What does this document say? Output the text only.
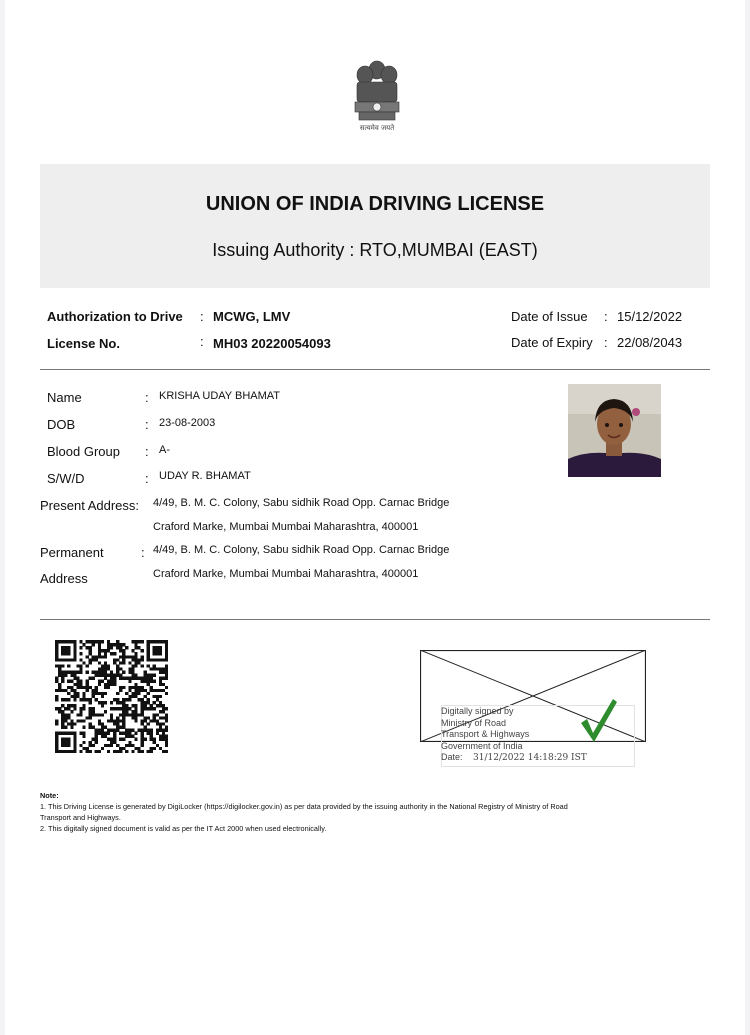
सत्यमेव जयते
UNION OF INDIA DRIVING LICENSE
Issuing Authority : RTO,MUMBAI (EAST)
Authorization to Drive : MCWG, LMV
License No.	: MH03 20220054093
Date of Issue : 15/12/2022
Date of Expiry : 22/08/2043
Name	: KRISHA UDAY BHAMAT
DOB	: 23-08-2003
Blood Group : A-
S/W/D	: UDAY R. BHAMAT
Present Address: 4/49, B. M. C. Colony, Sabu sidhik Road Opp. Carnac Bridge
Craford Marke, Mumbai Mumbai Maharashtra, 400001
Permanent	: 4/49, B. M. C. Colony, Sabu sidhik Road Opp. Carnac Bridge
Address	Craford Marke, Mumbai Mumbai Maharashtra, 400001
Digitally signed by
Ministry of Road
Transport & Highways
Government of India
Date: 31/12/2022 14:18:29 IST
Note:
1. This Driving License is generated by DigiLocker (https://digilocker.gov.in) as per data provided by the issuing authority in the National Registry of Ministry of Road
Transport and Highways.
2. This digitally signed document is valid as per the IT Act 2000 when used electronically.
